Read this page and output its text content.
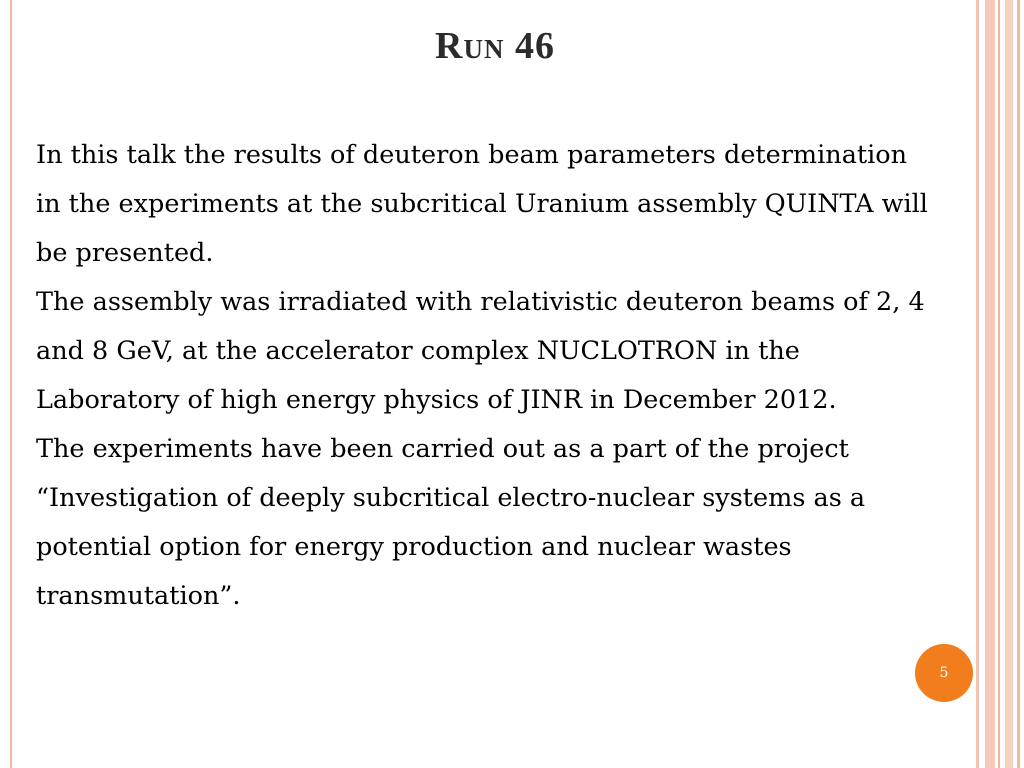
Run 46

In this talk the results of deuteron beam parameters determination in the experiments at the subcritical Uranium assembly QUINTA will be presented.

The assembly was irradiated with relativistic deuteron beams of 2, 4 and 8 GeV, at the accelerator complex NUCLOTRON in the Laboratory of high energy physics of JINR in December 2012.

The experiments have been carried out as a part of the project “Investigation of deeply subcritical electro-nuclear systems as a potential option for energy production and nuclear wastes transmutation”.

5
